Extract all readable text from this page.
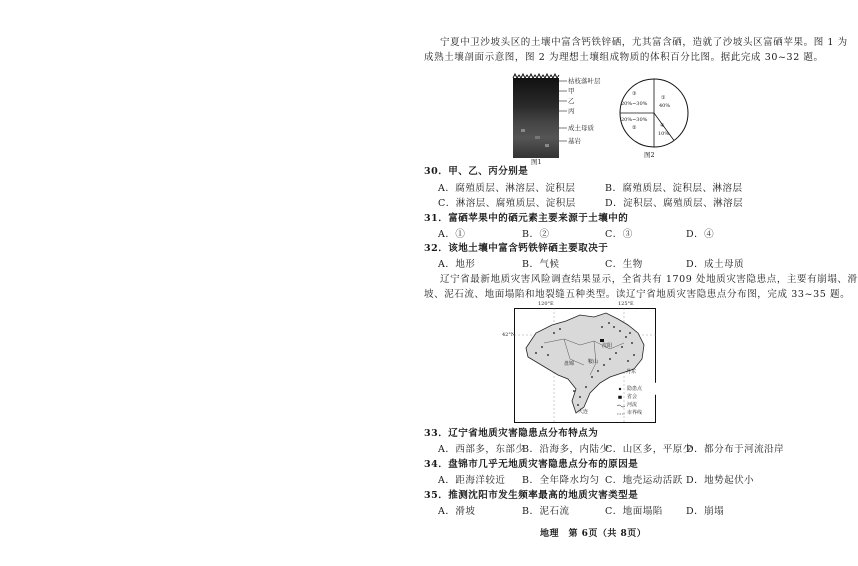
宁夏中卫沙坡头区的土壤中富含钙铁锌硒，尤其富含硒，造就了沙坡头区富硒苹果。图 1 为
成熟土壤剖面示意图，图 2 为理想土壤组成物质的体积百分比图。据此完成 30~32 题。
枯枝落叶层
甲
乙
丙
成土母质
基岩
图1
①
40%
③
20%~30%
20%~30%
②	④
10%
图2
30．甲、乙、丙分别是
A．腐殖质层、淋溶层、淀积层	B．腐殖质层、淀积层、淋溶层
C．淋溶层、腐殖质层、淀积层	D．淀积层、腐殖质层、淋溶层
31．富硒苹果中的硒元素主要来源于土壤中的
A．①	B．②	C．③	D．④
32．该地土壤中富含钙铁锌硒主要取决于
A．地形	B．气候	C．生物	D．成土母质
辽宁省最新地质灾害风险调查结果显示，全省共有 1709 处地质灾害隐患点，主要有崩塌、滑
坡、泥石流、地面塌陷和地裂缝五种类型。读辽宁省地质灾害隐患点分布图，完成 33~35 题。
120°E	125°E
42°N
沈阳
盘锦
大连
丹东
鞍山
隐患点
省会
河流
市界线
33．辽宁省地质灾害隐患点分布特点为
A．西部多，东部少
B．沿海多，内陆少
C．山区多，平原少
D．都分布于河流沿岸
34．盘锦市几乎无地质灾害隐患点分布的原因是
A．距海洋较近 B．全年降水均匀 C．地壳运动活跃 D．地势起伏小
35．推测沈阳市发生频率最高的地质灾害类型是
A．滑坡	B．泥石流	C．地面塌陷 D．崩塌
地理　第 6页（共 8页）
